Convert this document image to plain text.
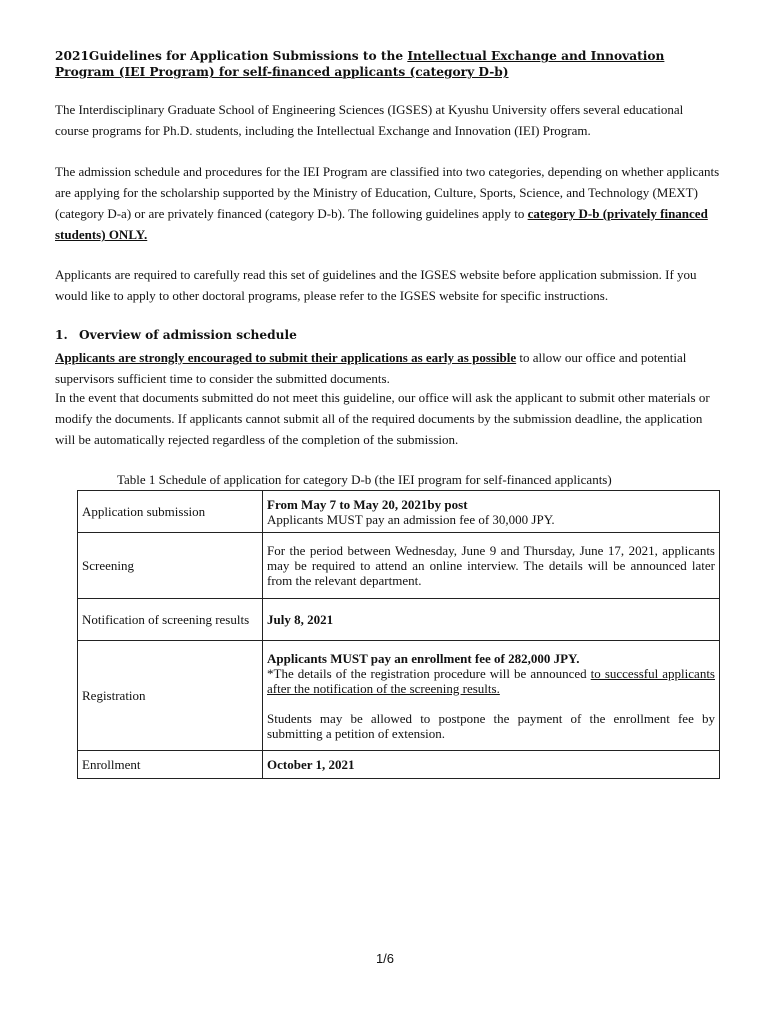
2021Guidelines for Application Submissions to the Intellectual Exchange and Innovation
Program (IEI Program) for self-financed applicants (category D-b)

The Interdisciplinary Graduate School of Engineering Sciences (IGSES) at Kyushu University offers several educational course programs for Ph.D. students, including the Intellectual Exchange and Innovation (IEI) Program.

The admission schedule and procedures for the IEI Program are classified into two categories, depending on whether applicants are applying for the scholarship supported by the Ministry of Education, Culture, Sports, Science, and Technology (MEXT) (category D-a) or are privately financed (category D-b). The following guidelines apply to category D-b (privately financed students) ONLY.

Applicants are required to carefully read this set of guidelines and the IGSES website before application submission. If you would like to apply to other doctoral programs, please refer to the IGSES website for specific instructions.

1. Overview of admission schedule

Applicants are strongly encouraged to submit their applications as early as possible to allow our office and potential supervisors sufficient time to consider the submitted documents.

In the event that documents submitted do not meet this guideline, our office will ask the applicant to submit other materials or modify the documents. If applicants cannot submit all of the required documents by the submission deadline, the application will be automatically rejected regardless of the completion of the submission.

Table 1 Schedule of application for category D-b (the IEI program for self-financed applicants)

Application submission	From May 7 to May 20, 2021by post

Applicants MUST pay an admission fee of 30,000 JPY.

Screening	For the period between Wednesday, June 9 and Thursday, June 17, 2021, applicants may be required to attend an online interview. The details will be announced later from the relevant department.

Notification of screening results	July 8, 2021

Registration	Applicants MUST pay an enrollment fee of 282,000 JPY.

*The details of the registration procedure will be announced to successful applicants after the notification of the screening results.

Students may be allowed to postpone the payment of the enrollment fee by submitting a petition of extension.

Enrollment	October 1, 2021

1/6
